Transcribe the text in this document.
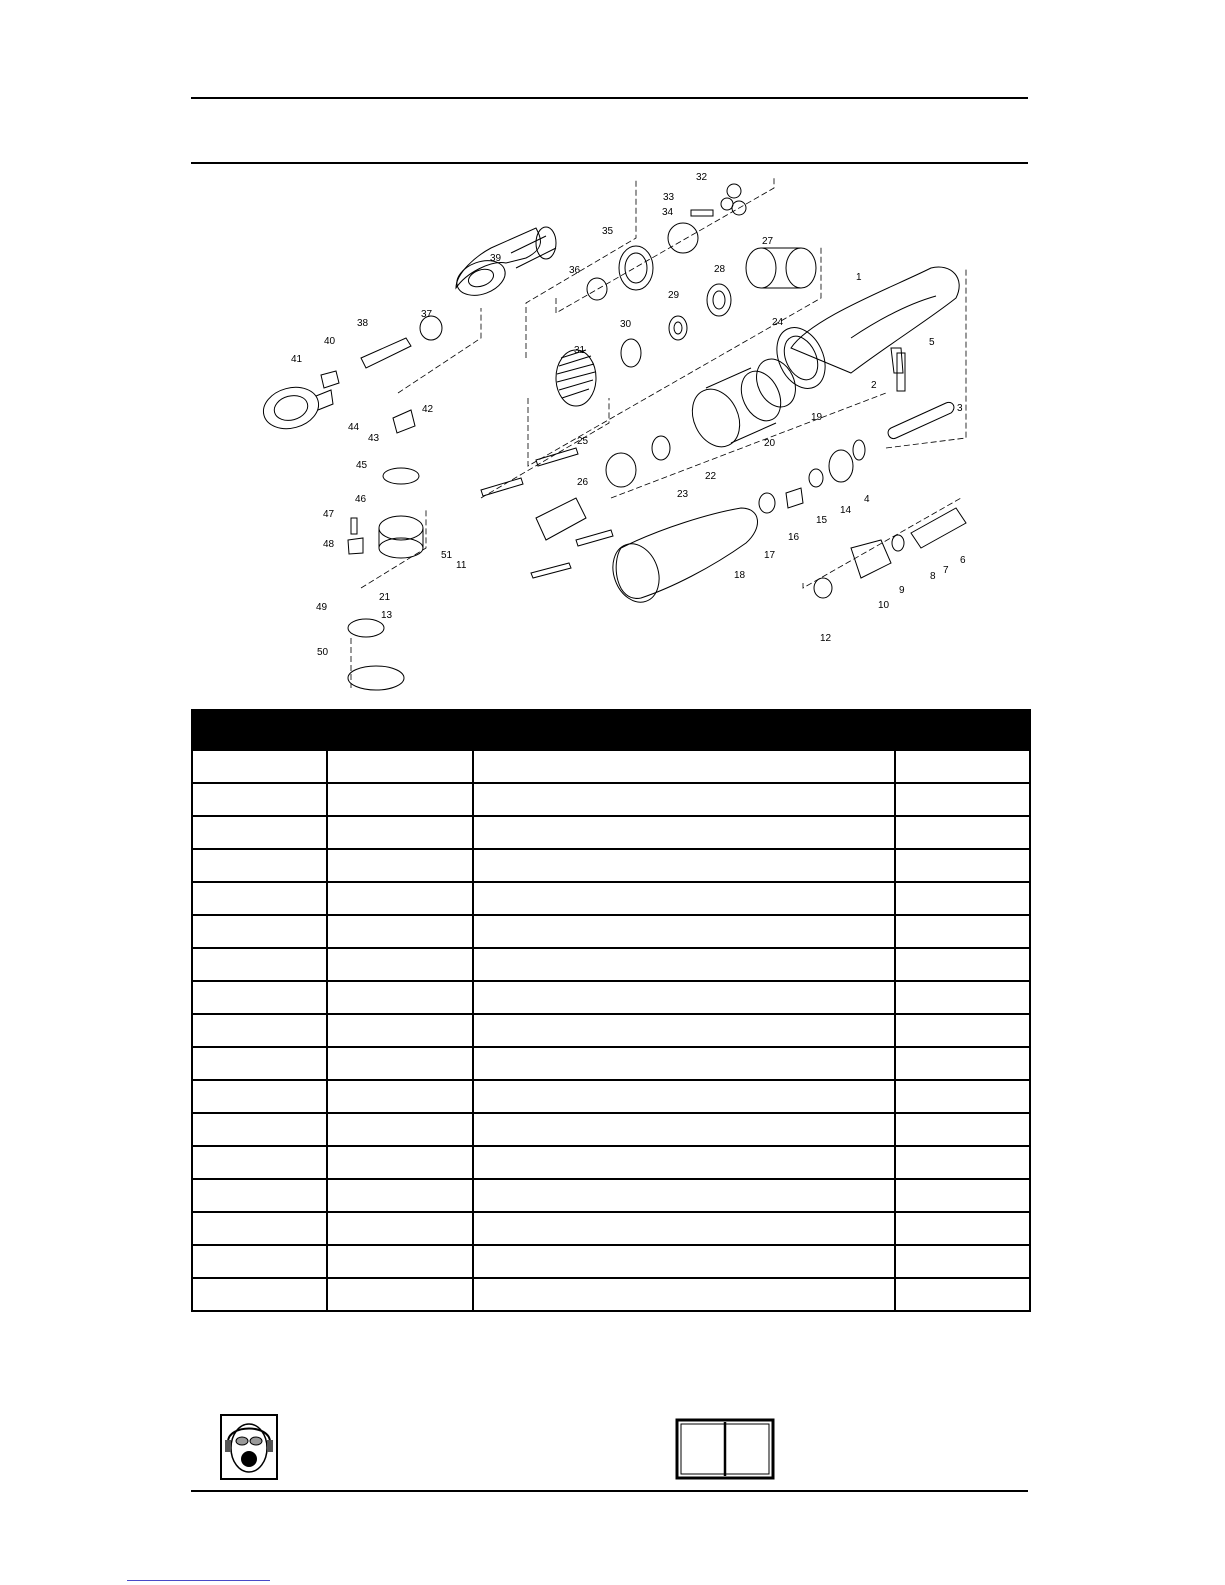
1
2
3
4
5
6
7
8
9
10
11
12
13
14
15
16
17
18
19
20
21
22
23
24
25
26
27
28
29
30
31
32
33
34
35
36
37
38
39
40
41
42
43
44
45
46
47
48
49
50
51
